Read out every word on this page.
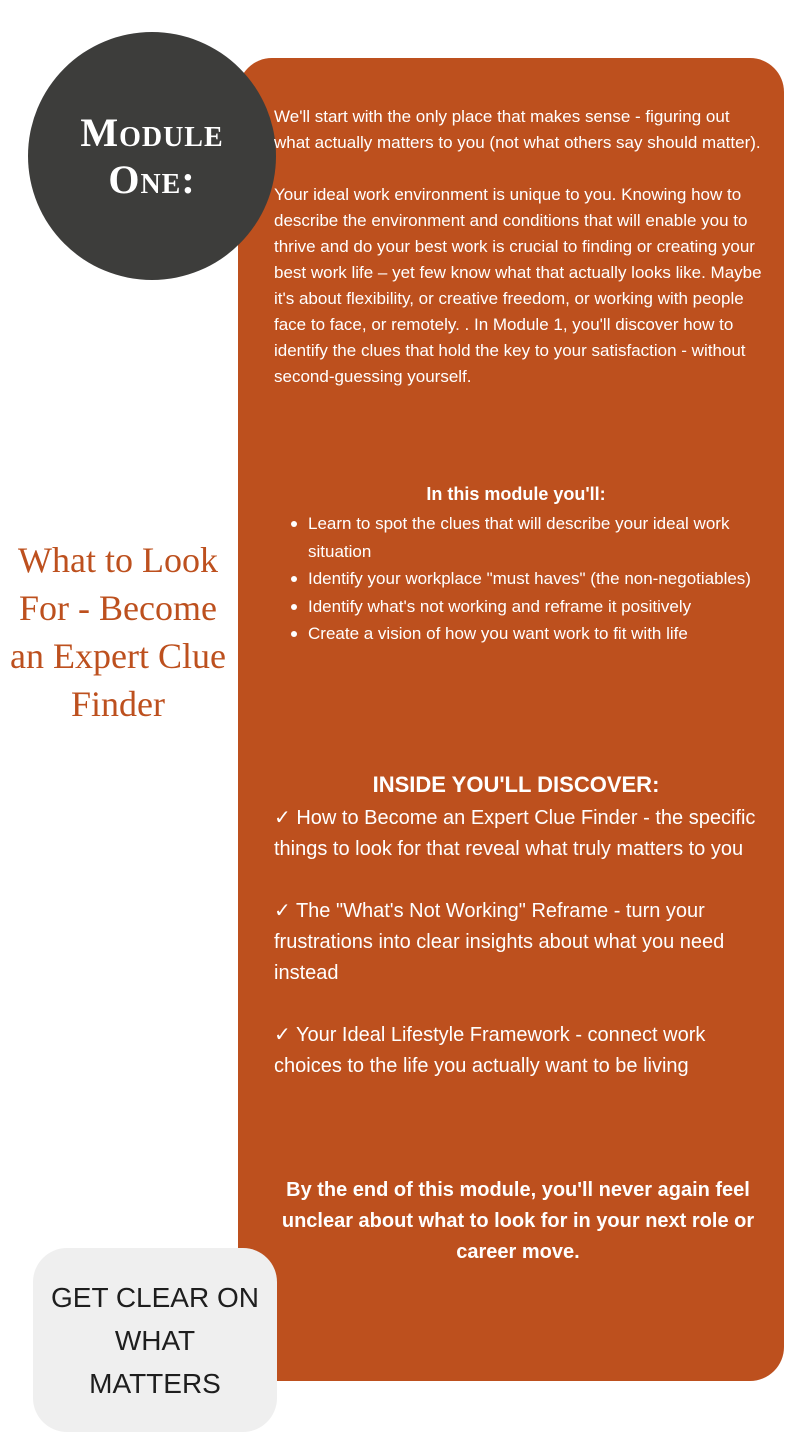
Module
One:
What to Look For - Become an Expert Clue Finder

We'll start with the only place that makes sense - figuring out what actually matters to you (not what others say should matter).

Your ideal work environment is unique to you. Knowing how to describe the environment and conditions that will enable you to thrive and do your best work is crucial to finding or creating your best work life – yet few know what that actually looks like. Maybe it's about flexibility, or creative freedom, or working with people face to face, or remotely. . In Module 1, you'll discover how to identify the clues that hold the key to your satisfaction - without second-guessing yourself.

In this module you'll:
Learn to spot the clues that will describe your ideal work situation
Identify your workplace "must haves" (the non-negotiables)
Identify what's not working and reframe it positively
Create a vision of how you want work to fit with life
INSIDE YOU'LL DISCOVER:

✓ How to Become an Expert Clue Finder - the specific things to look for that reveal what truly matters to you

✓ The "What's Not Working" Reframe - turn your frustrations into clear insights about what you need instead

✓ Your Ideal Lifestyle Framework - connect work choices to the life you actually want to be living

By the end of this module, you'll never again feel unclear about what to look for in your next role or career move.
GET CLEAR ON WHAT MATTERS
